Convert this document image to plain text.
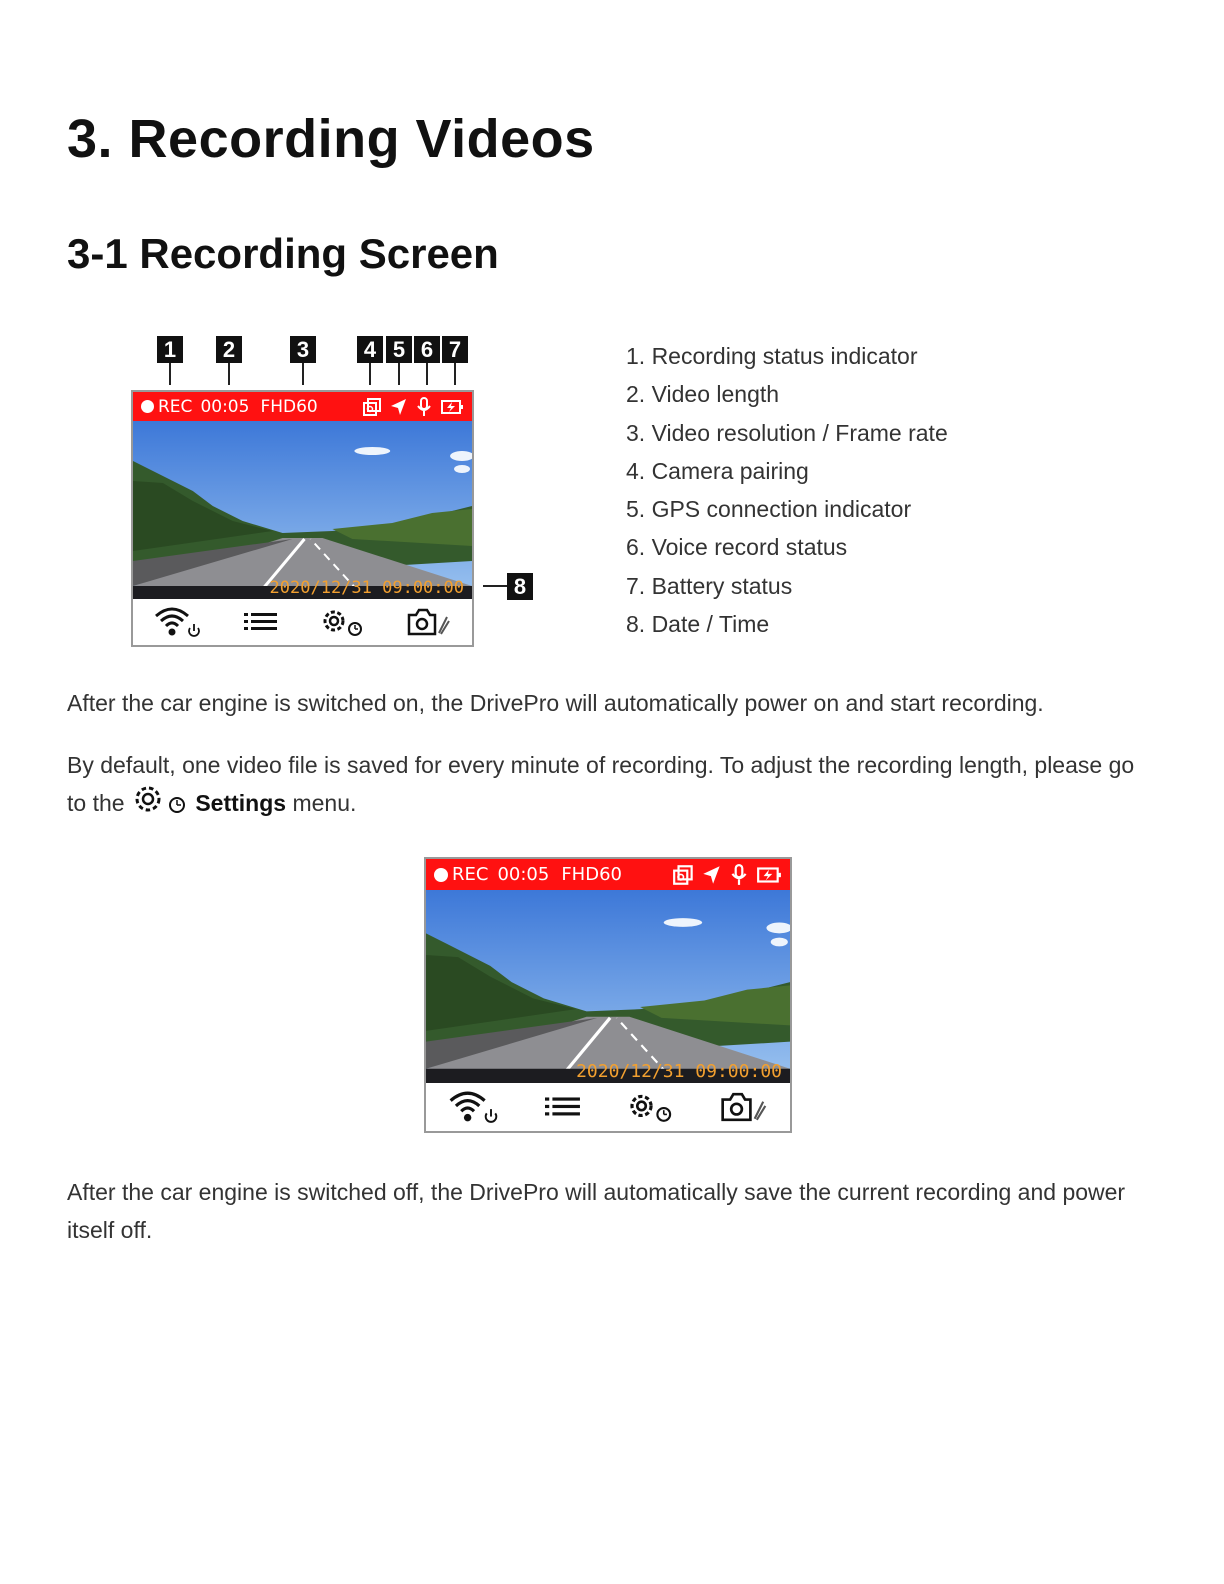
3. Recording Videos
3-1 Recording Screen
1	2	3	4 5 6 7
8
REC 00:05 FHD60
2020/12/31 09:00:00
1. Recording status indicator
2. Video length
3. Video resolution / Frame rate
4. Camera pairing
5. GPS connection indicator
6. Voice record status
7. Battery status
8. Date / Time

After the car engine is switched on, the DrivePro will automatically power on and start recording.

By default, one video file is saved for every minute of recording. To adjust the recording length, please go
to the	Settings menu.

REC 00:05 FHD60
2020/12/31 09:00:00

After the car engine is switched off, the DrivePro will automatically save the current recording and power
itself off.
